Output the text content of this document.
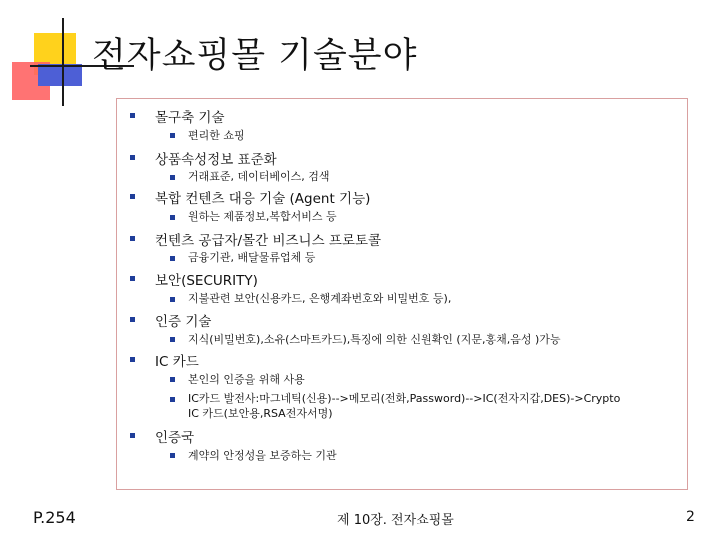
전자쇼핑몰 기술분야
몰구축 기술
편리한 쇼핑
상품속성정보 표준화
거래표준, 데이터베이스, 검색
복합 컨텐츠 대응 기술 (Agent 기능)
원하는 제품정보,복합서비스 등
컨텐츠 공급자/몰간 비즈니스 프로토콜
금융기관, 배달물류업체 등
보안(SECURITY)
지불관련 보안(신용카드, 은행계좌번호와 비밀번호 등),
인증 기술
지식(비밀번호),소유(스마트카드),특징에 의한 신원확인 (지문,홍채,음성 )가능
IC 카드
본인의 인증을 위해 사용
IC카드 발전사:마그네틱(신용)-->메모리(전화,Password)-->IC(전자지갑,DES)->Crypto IC 카드(보안용,RSA전자서명)
인증국
계약의 안정성을 보증하는 기관
P.254	제 10장. 전자쇼핑몰	2
